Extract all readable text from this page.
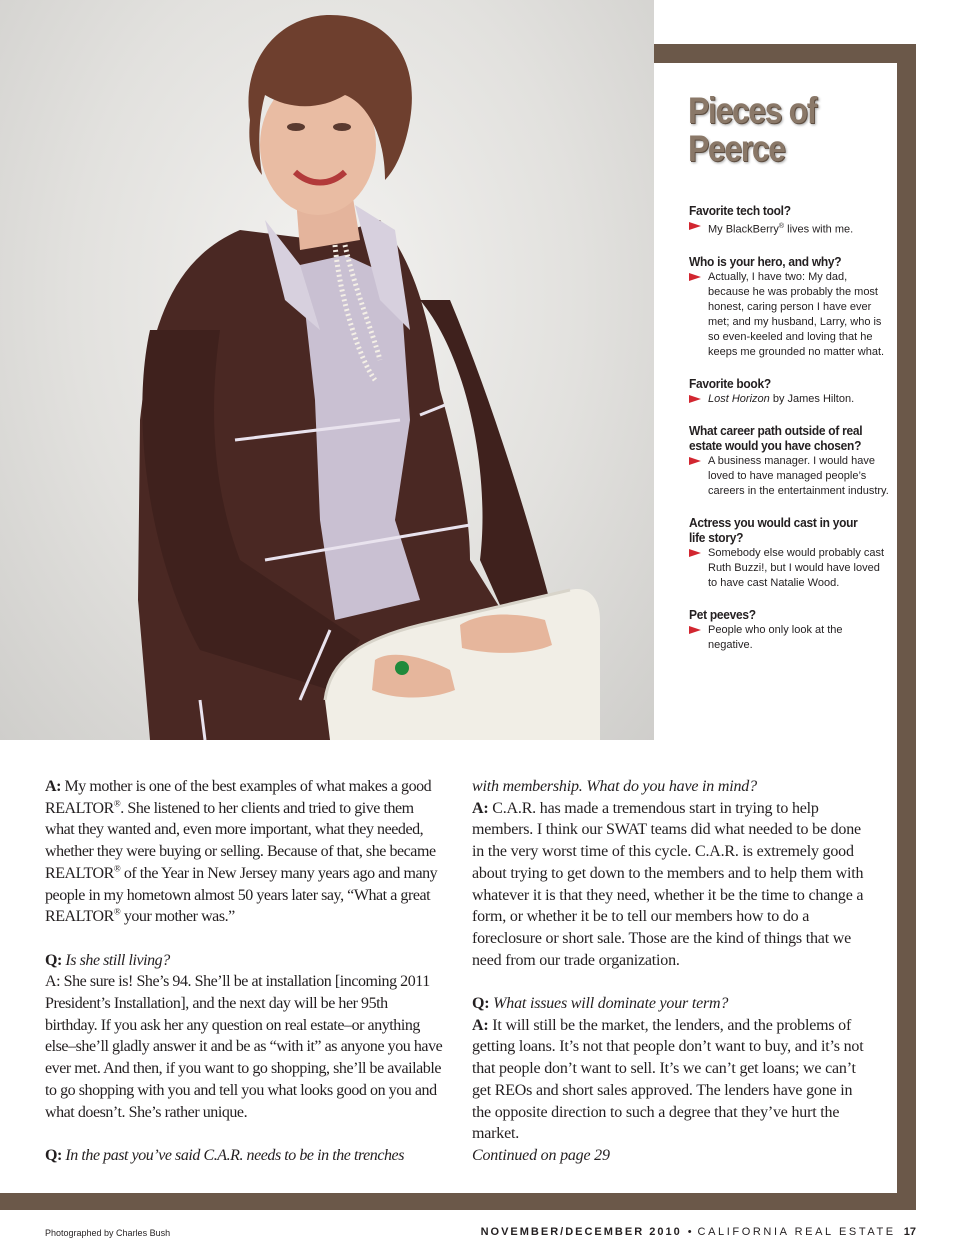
Pieces of
Peerce
Favorite tech tool?
My BlackBerry® lives with me.
Who is your hero, and why?
Actually, I have two: My dad, because he was probably the most honest, caring person I have ever met; and my husband, Larry, who is so even-keeled and loving that he keeps me grounded no matter what.
Favorite book?
Lost Horizon by James Hilton.
What career path outside of real estate would you have chosen?
A business manager. I would have loved to have managed people’s careers in the entertainment industry.
Actress you would cast in your life story?
Somebody else would probably cast Ruth Buzzi!, but I would have loved to have cast Natalie Wood.
Pet peeves?
People who only look at the negative.

A: My mother is one of the best examples of what makes a good REALTOR®. She listened to her clients and tried to give them what they wanted and, even more important, what they needed, whether they were buying or selling. Because of that, she became REALTOR® of the Year in New Jersey many years ago and many people in my hometown almost 50 years later say, “What a great REALTOR® your mother was.”

Q: Is she still living?
A: She sure is! She’s 94. She’ll be at installation [incoming 2011 President’s Installation], and the next day will be her 95th birthday. If you ask her any question on real estate–or anything else–she’ll gladly answer it and be as “with it” as anyone you have ever met. And then, if you want to go shopping, she’ll be available to go shopping with you and tell you what looks good on you and what doesn’t. She’s rather unique.

Q: In the past you’ve said C.A.R. needs to be in the trenches

with membership. What do you have in mind?
A: C.A.R. has made a tremendous start in trying to help members. I think our SWAT teams did what needed to be done in the very worst time of this cycle. C.A.R. is extremely good about trying to get down to the members and to help them with whatever it is that they need, whether it be the time to change a form, or whether it be to tell our members how to do a foreclosure or short sale. Those are the kind of things that we need from our trade organization.

Q: What issues will dominate your term?
A: It will still be the market, the lenders, and the problems of getting loans. It’s not that people don’t want to buy, and it’s not that people don’t want to sell. It’s we can’t get loans; we can’t get REOs and short sales approved. The lenders have gone in the opposite direction to such a degree that they’ve hurt the market.
Continued on page 29

Photographed by Charles Bush	NOVEMBER/DECEMBER 2010 • CALIFORNIA REAL ESTATE 17
